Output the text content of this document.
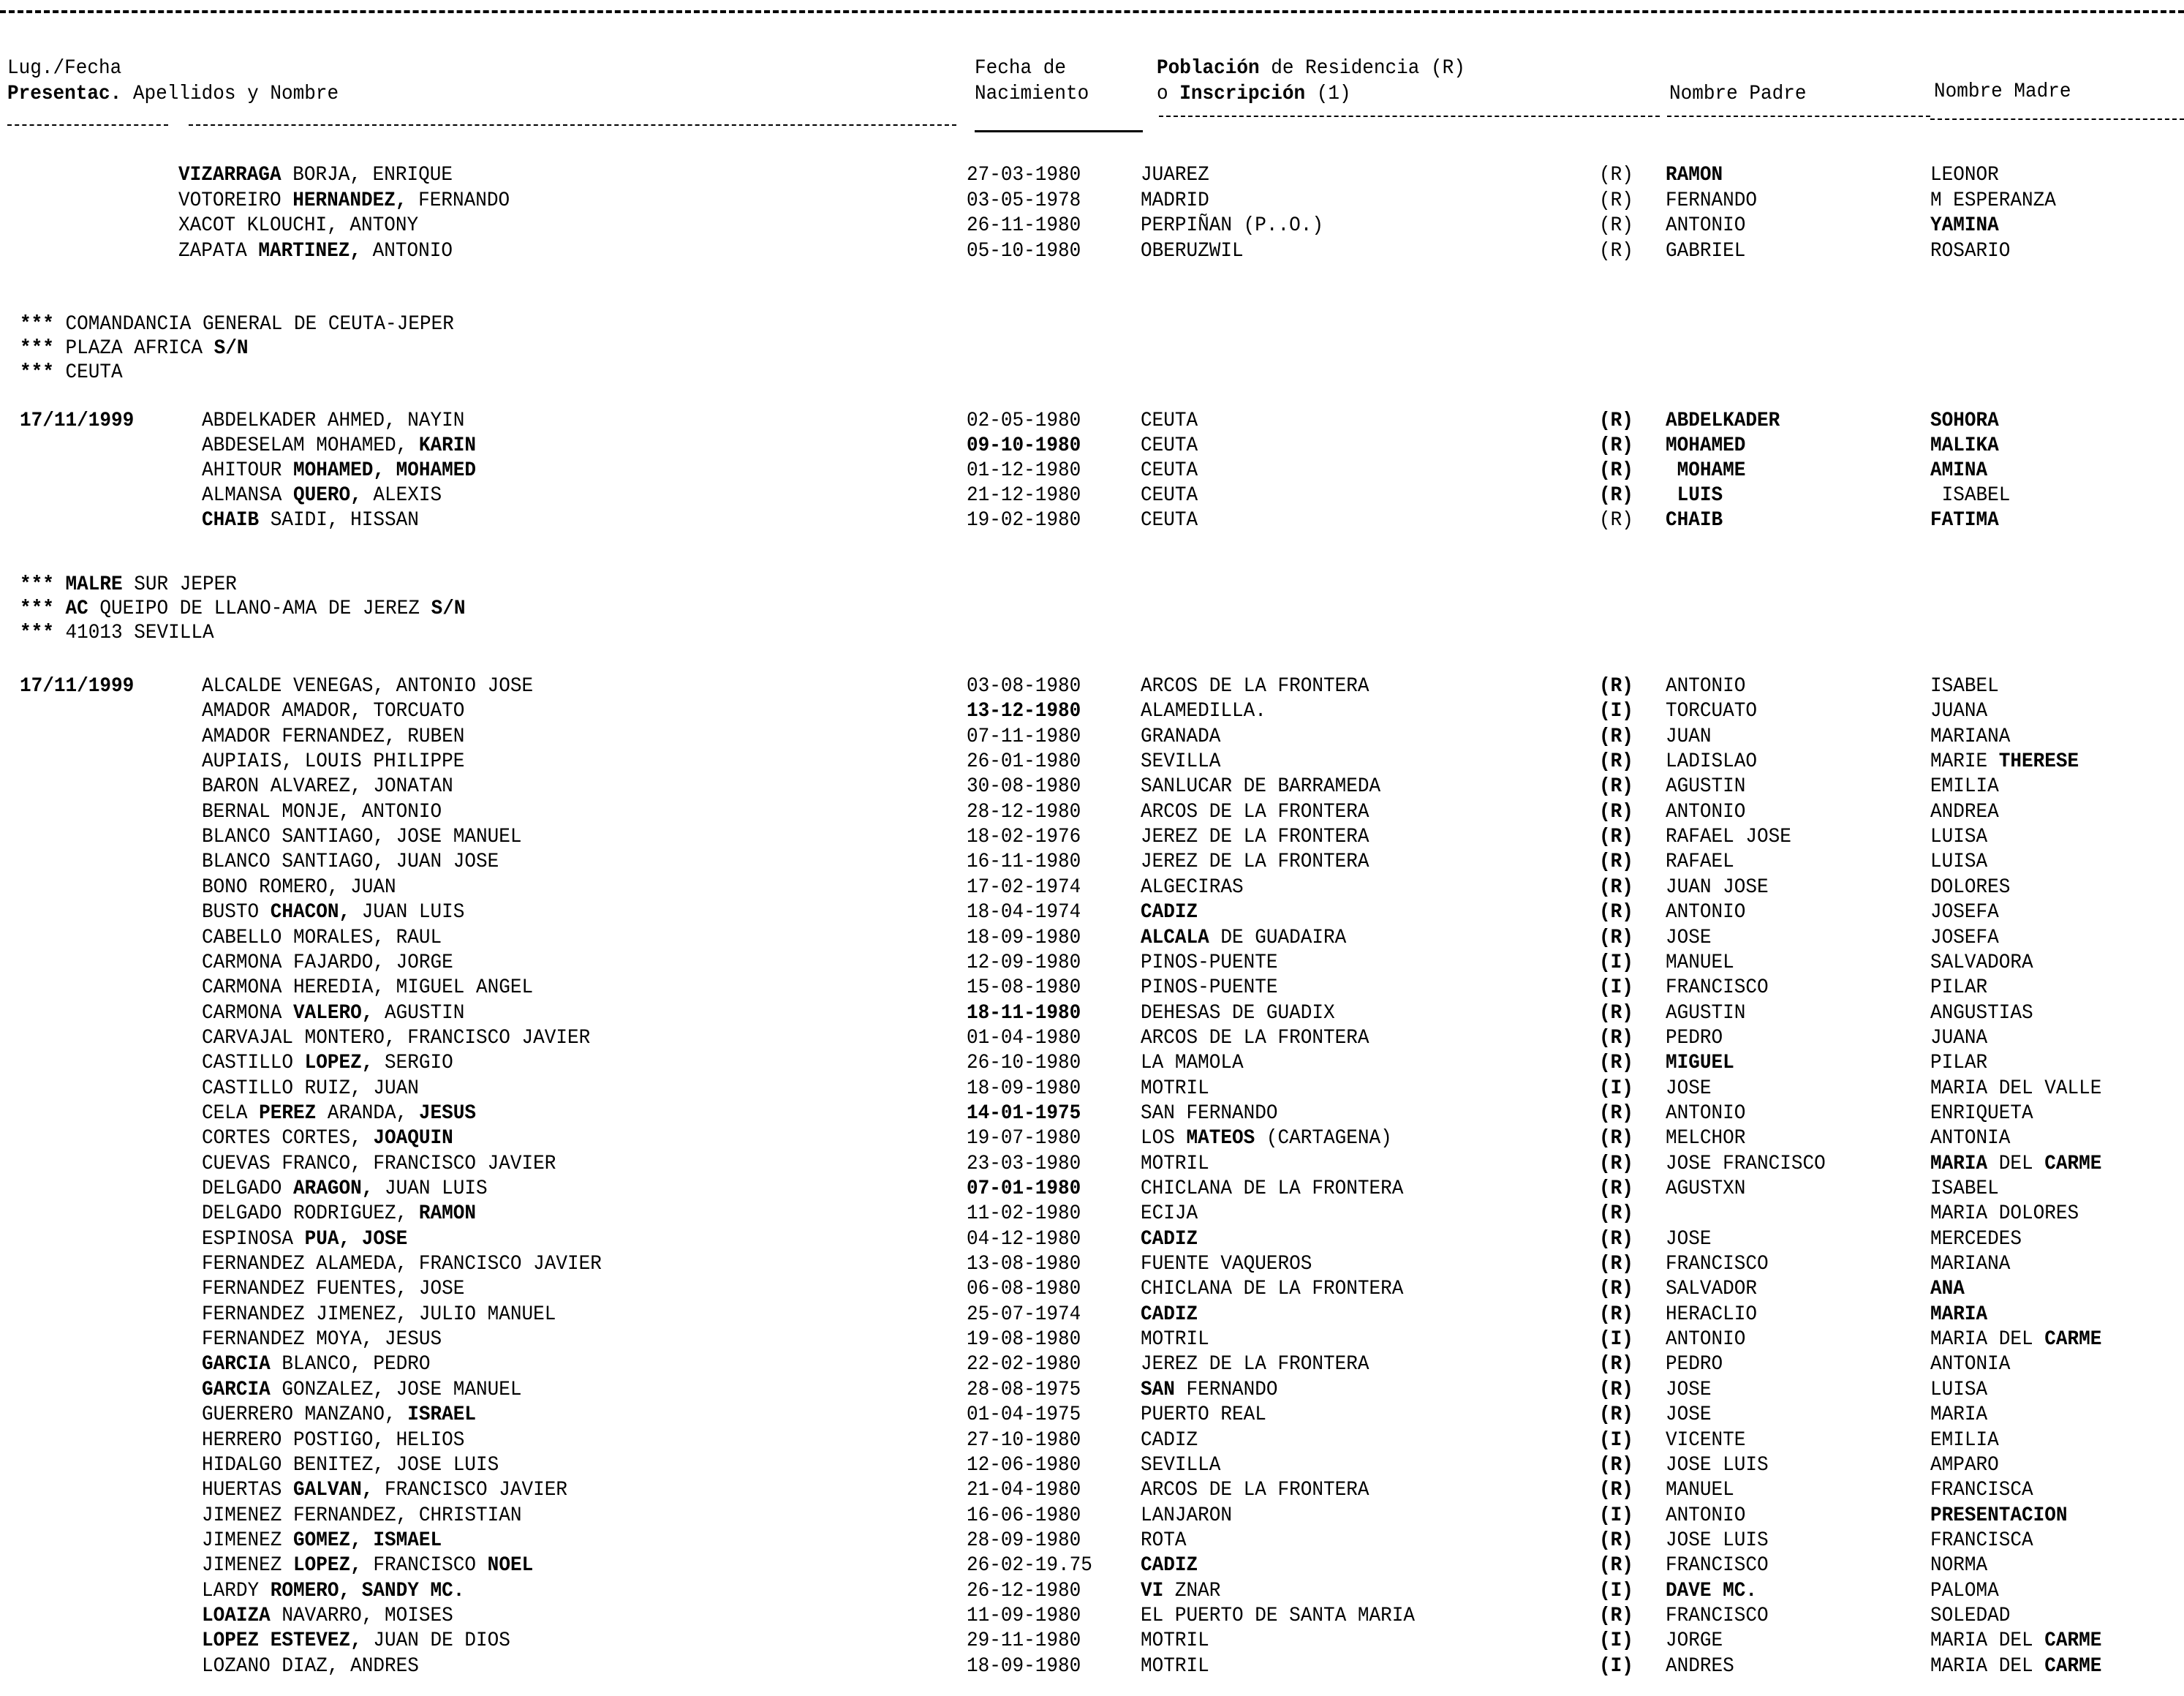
Lug./Fecha
Presentac. Apellidos y Nombre
Fecha de
Nacimiento
Población de Residencia (R)
o Inscripción (1)	Nombre Padre	Nombre Madre
VIZARRAGA BORJA, ENRIQUE	27-03-1980	JUAREZ	(R) RAMON	LEONOR
VOTOREIRO HERNANDEZ, FERNANDO	03-05-1978	MADRID	(R) FERNANDO	M ESPERANZA
XACOT KLOUCHI, ANTONY	26-11-1980	PERPIÑAN (P..O.)	(R) ANTONIO	YAMINA
ZAPATA MARTINEZ, ANTONIO	05-10-1980	OBERUZWIL	(R) GABRIEL	ROSARIO
*** COMANDANCIA GENERAL DE CEUTA-JEPER
*** PLAZA AFRICA S/N
*** CEUTA
17/11/1999	ABDELKADER AHMED, NAYIN	02-05-1980	CEUTA	(R) ABDELKADER	SOHORA
ABDESELAM MOHAMED, KARIN	09-10-1980	CEUTA	(R) MOHAMED	MALIKA
AHITOUR MOHAMED, MOHAMED	01-12-1980	CEUTA	(R) MOHAME	AMINA
ALMANSA QUERO, ALEXIS	21-12-1980	CEUTA	(R) LUIS	ISABEL
CHAIB SAIDI, HISSAN	19-02-1980	CEUTA	(R) CHAIB	FATIMA
*** MALRE SUR JEPER
*** AC QUEIPO DE LLANO-AMA DE JEREZ S/N
*** 41013 SEVILLA
17/11/1999	ALCALDE VENEGAS, ANTONIO JOSE	03-08-1980	ARCOS DE LA FRONTERA	(R) ANTONIO	ISABEL
AMADOR AMADOR, TORCUATO	13-12-1980	ALAMEDILLA.	(I) TORCUATO	JUANA
AMADOR FERNANDEZ, RUBEN	07-11-1980	GRANADA	(R) JUAN	MARIANA
AUPIAIS, LOUIS PHILIPPE	26-01-1980	SEVILLA	(R) LADISLAO	MARIE THERESE
BARON ALVAREZ, JONATAN	30-08-1980	SANLUCAR DE BARRAMEDA	(R) AGUSTIN	EMILIA
BERNAL MONJE, ANTONIO	28-12-1980	ARCOS DE LA FRONTERA	(R) ANTONIO	ANDREA
BLANCO SANTIAGO, JOSE MANUEL	18-02-1976	JEREZ DE LA FRONTERA	(R) RAFAEL JOSE	LUISA
BLANCO SANTIAGO, JUAN JOSE	16-11-1980	JEREZ DE LA FRONTERA	(R) RAFAEL	LUISA
BONO ROMERO, JUAN	17-02-1974	ALGECIRAS	(R) JUAN JOSE	DOLORES
BUSTO CHACON, JUAN LUIS	18-04-1974	CADIZ	(R) ANTONIO	JOSEFA
CABELLO MORALES, RAUL	18-09-1980	ALCALA DE GUADAIRA	(R) JOSE	JOSEFA
CARMONA FAJARDO, JORGE	12-09-1980	PINOS-PUENTE	(I) MANUEL	SALVADORA
CARMONA HEREDIA, MIGUEL ANGEL	15-08-1980	PINOS-PUENTE	(I) FRANCISCO	PILAR
CARMONA VALERO, AGUSTIN	18-11-1980	DEHESAS DE GUADIX	(R) AGUSTIN	ANGUSTIAS
CARVAJAL MONTERO, FRANCISCO JAVIER	01-04-1980	ARCOS DE LA FRONTERA	(R) PEDRO	JUANA
CASTILLO LOPEZ, SERGIO	26-10-1980	LA MAMOLA	(R) MIGUEL	PILAR
CASTILLO RUIZ, JUAN	18-09-1980	MOTRIL	(I) JOSE	MARIA DEL VALLE
CELA PEREZ ARANDA, JESUS	14-01-1975	SAN FERNANDO	(R) ANTONIO	ENRIQUETA
CORTES CORTES, JOAQUIN	19-07-1980	LOS MATEOS (CARTAGENA)	(R) MELCHOR	ANTONIA
CUEVAS FRANCO, FRANCISCO JAVIER	23-03-1980	MOTRIL	(R) JOSE FRANCISCO	MARIA DEL CARME
DELGADO ARAGON, JUAN LUIS	07-01-1980	CHICLANA DE LA FRONTERA	(R) AGUSTXN	ISABEL
DELGADO RODRIGUEZ, RAMON	11-02-1980	ECIJA	(R)	MARIA DOLORES
ESPINOSA PUA, JOSE	04-12-1980	CADIZ	(R) JOSE	MERCEDES
FERNANDEZ ALAMEDA, FRANCISCO JAVIER	13-08-1980	FUENTE VAQUEROS	(R) FRANCISCO	MARIANA
FERNANDEZ FUENTES, JOSE	06-08-1980	CHICLANA DE LA FRONTERA	(R) SALVADOR	ANA
FERNANDEZ JIMENEZ, JULIO MANUEL	25-07-1974	CADIZ	(R) HERACLIO	MARIA
FERNANDEZ MOYA, JESUS	19-08-1980	MOTRIL	(I) ANTONIO	MARIA DEL CARME
GARCIA BLANCO, PEDRO	22-02-1980	JEREZ DE LA FRONTERA	(R) PEDRO	ANTONIA
GARCIA GONZALEZ, JOSE MANUEL	28-08-1975	SAN FERNANDO	(R) JOSE	LUISA
GUERRERO MANZANO, ISRAEL	01-04-1975	PUERTO REAL	(R) JOSE	MARIA
HERRERO POSTIGO, HELIOS	27-10-1980	CADIZ	(I) VICENTE	EMILIA
HIDALGO BENITEZ, JOSE LUIS	12-06-1980	SEVILLA	(R) JOSE LUIS	AMPARO
HUERTAS GALVAN, FRANCISCO JAVIER	21-04-1980	ARCOS DE LA FRONTERA	(R) MANUEL	FRANCISCA
JIMENEZ FERNANDEZ, CHRISTIAN	16-06-1980	LANJARON	(I) ANTONIO	PRESENTACION
JIMENEZ GOMEZ, ISMAEL	28-09-1980	ROTA	(R) JOSE LUIS	FRANCISCA
JIMENEZ LOPEZ, FRANCISCO NOEL	26-02-19.75 CADIZ	(R) FRANCISCO	NORMA
LARDY ROMERO, SANDY MC.	26-12-1980	VI ZNAR	(I) DAVE MC.	PALOMA
LOAIZA NAVARRO, MOISES	11-09-1980	EL PUERTO DE SANTA MARIA	(R) FRANCISCO	SOLEDAD
LOPEZ ESTEVEZ, JUAN DE DIOS	29-11-1980	MOTRIL	(I) JORGE	MARIA DEL CARME
LOZANO DIAZ, ANDRES	18-09-1980	MOTRIL	(I) ANDRES	MARIA DEL CARME
